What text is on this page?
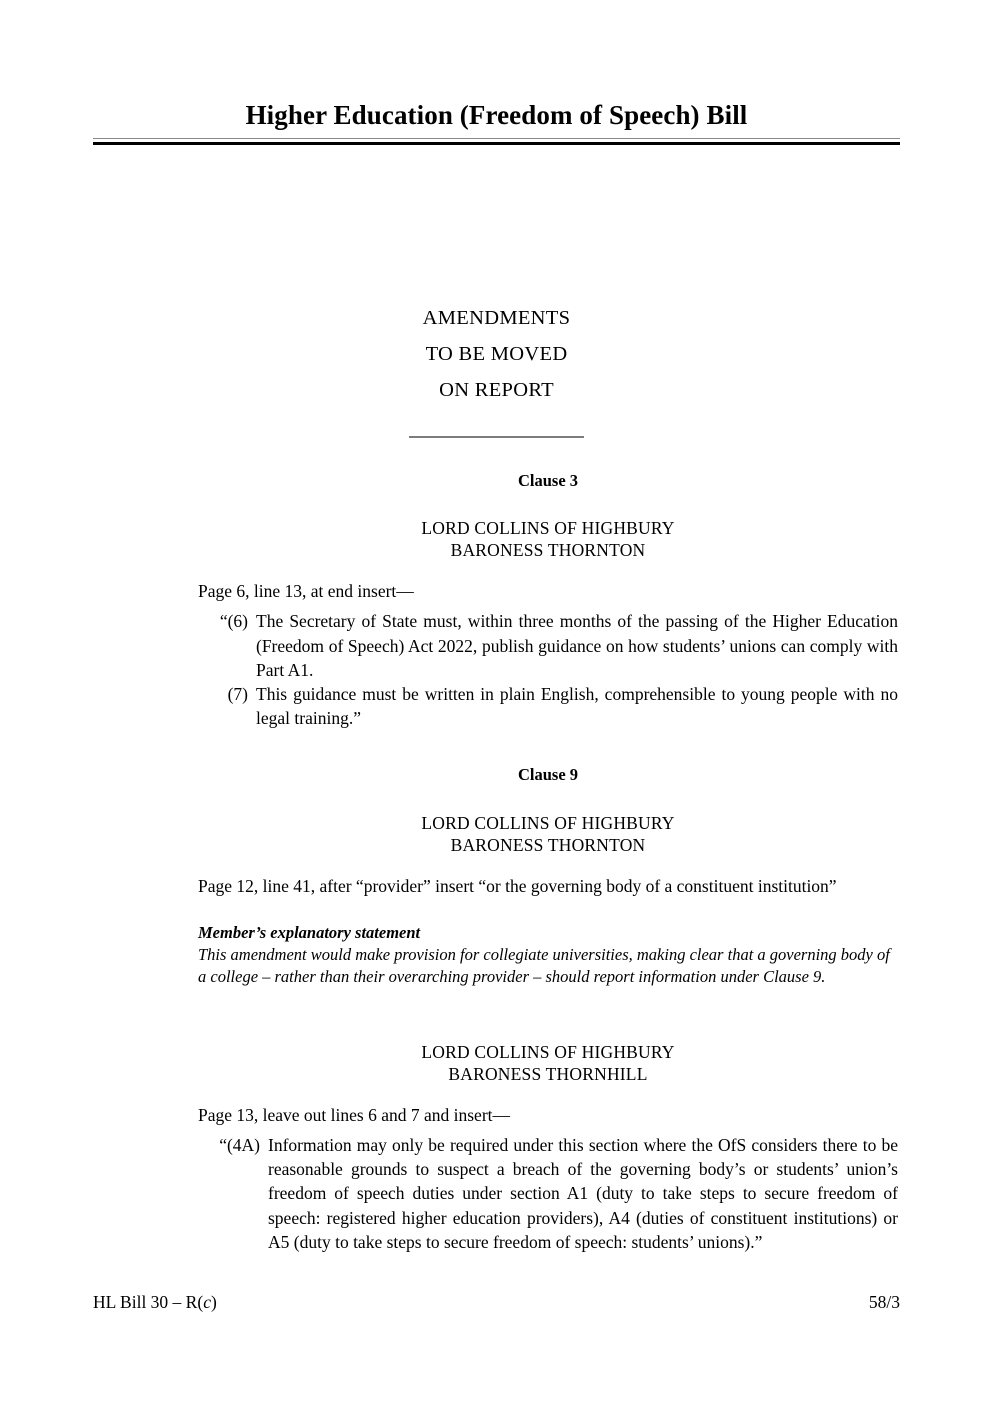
Higher Education (Freedom of Speech) Bill
AMENDMENTS
TO BE MOVED
ON REPORT
Clause 3
LORD COLLINS OF HIGHBURY
BARONESS THORNTON
Page 6, line 13, at end insert—
“(6) The Secretary of State must, within three months of the passing of the Higher Education (Freedom of Speech) Act 2022, publish guidance on how students’ unions can comply with Part A1.
(7) This guidance must be written in plain English, comprehensible to young people with no legal training.”
Clause 9
LORD COLLINS OF HIGHBURY
BARONESS THORNTON
Page 12, line 41, after “provider” insert “or the governing body of a constituent institution”
Member’s explanatory statement
This amendment would make provision for collegiate universities, making clear that a governing body of a college – rather than their overarching provider – should report information under Clause 9.
LORD COLLINS OF HIGHBURY
BARONESS THORNHILL
Page 13, leave out lines 6 and 7 and insert—
“(4A) Information may only be required under this section where the OfS considers there to be reasonable grounds to suspect a breach of the governing body’s or students’ union’s freedom of speech duties under section A1 (duty to take steps to secure freedom of speech: registered higher education providers), A4 (duties of constituent institutions) or A5 (duty to take steps to secure freedom of speech: students’ unions).”
HL Bill 30 – R(c)	58/3
